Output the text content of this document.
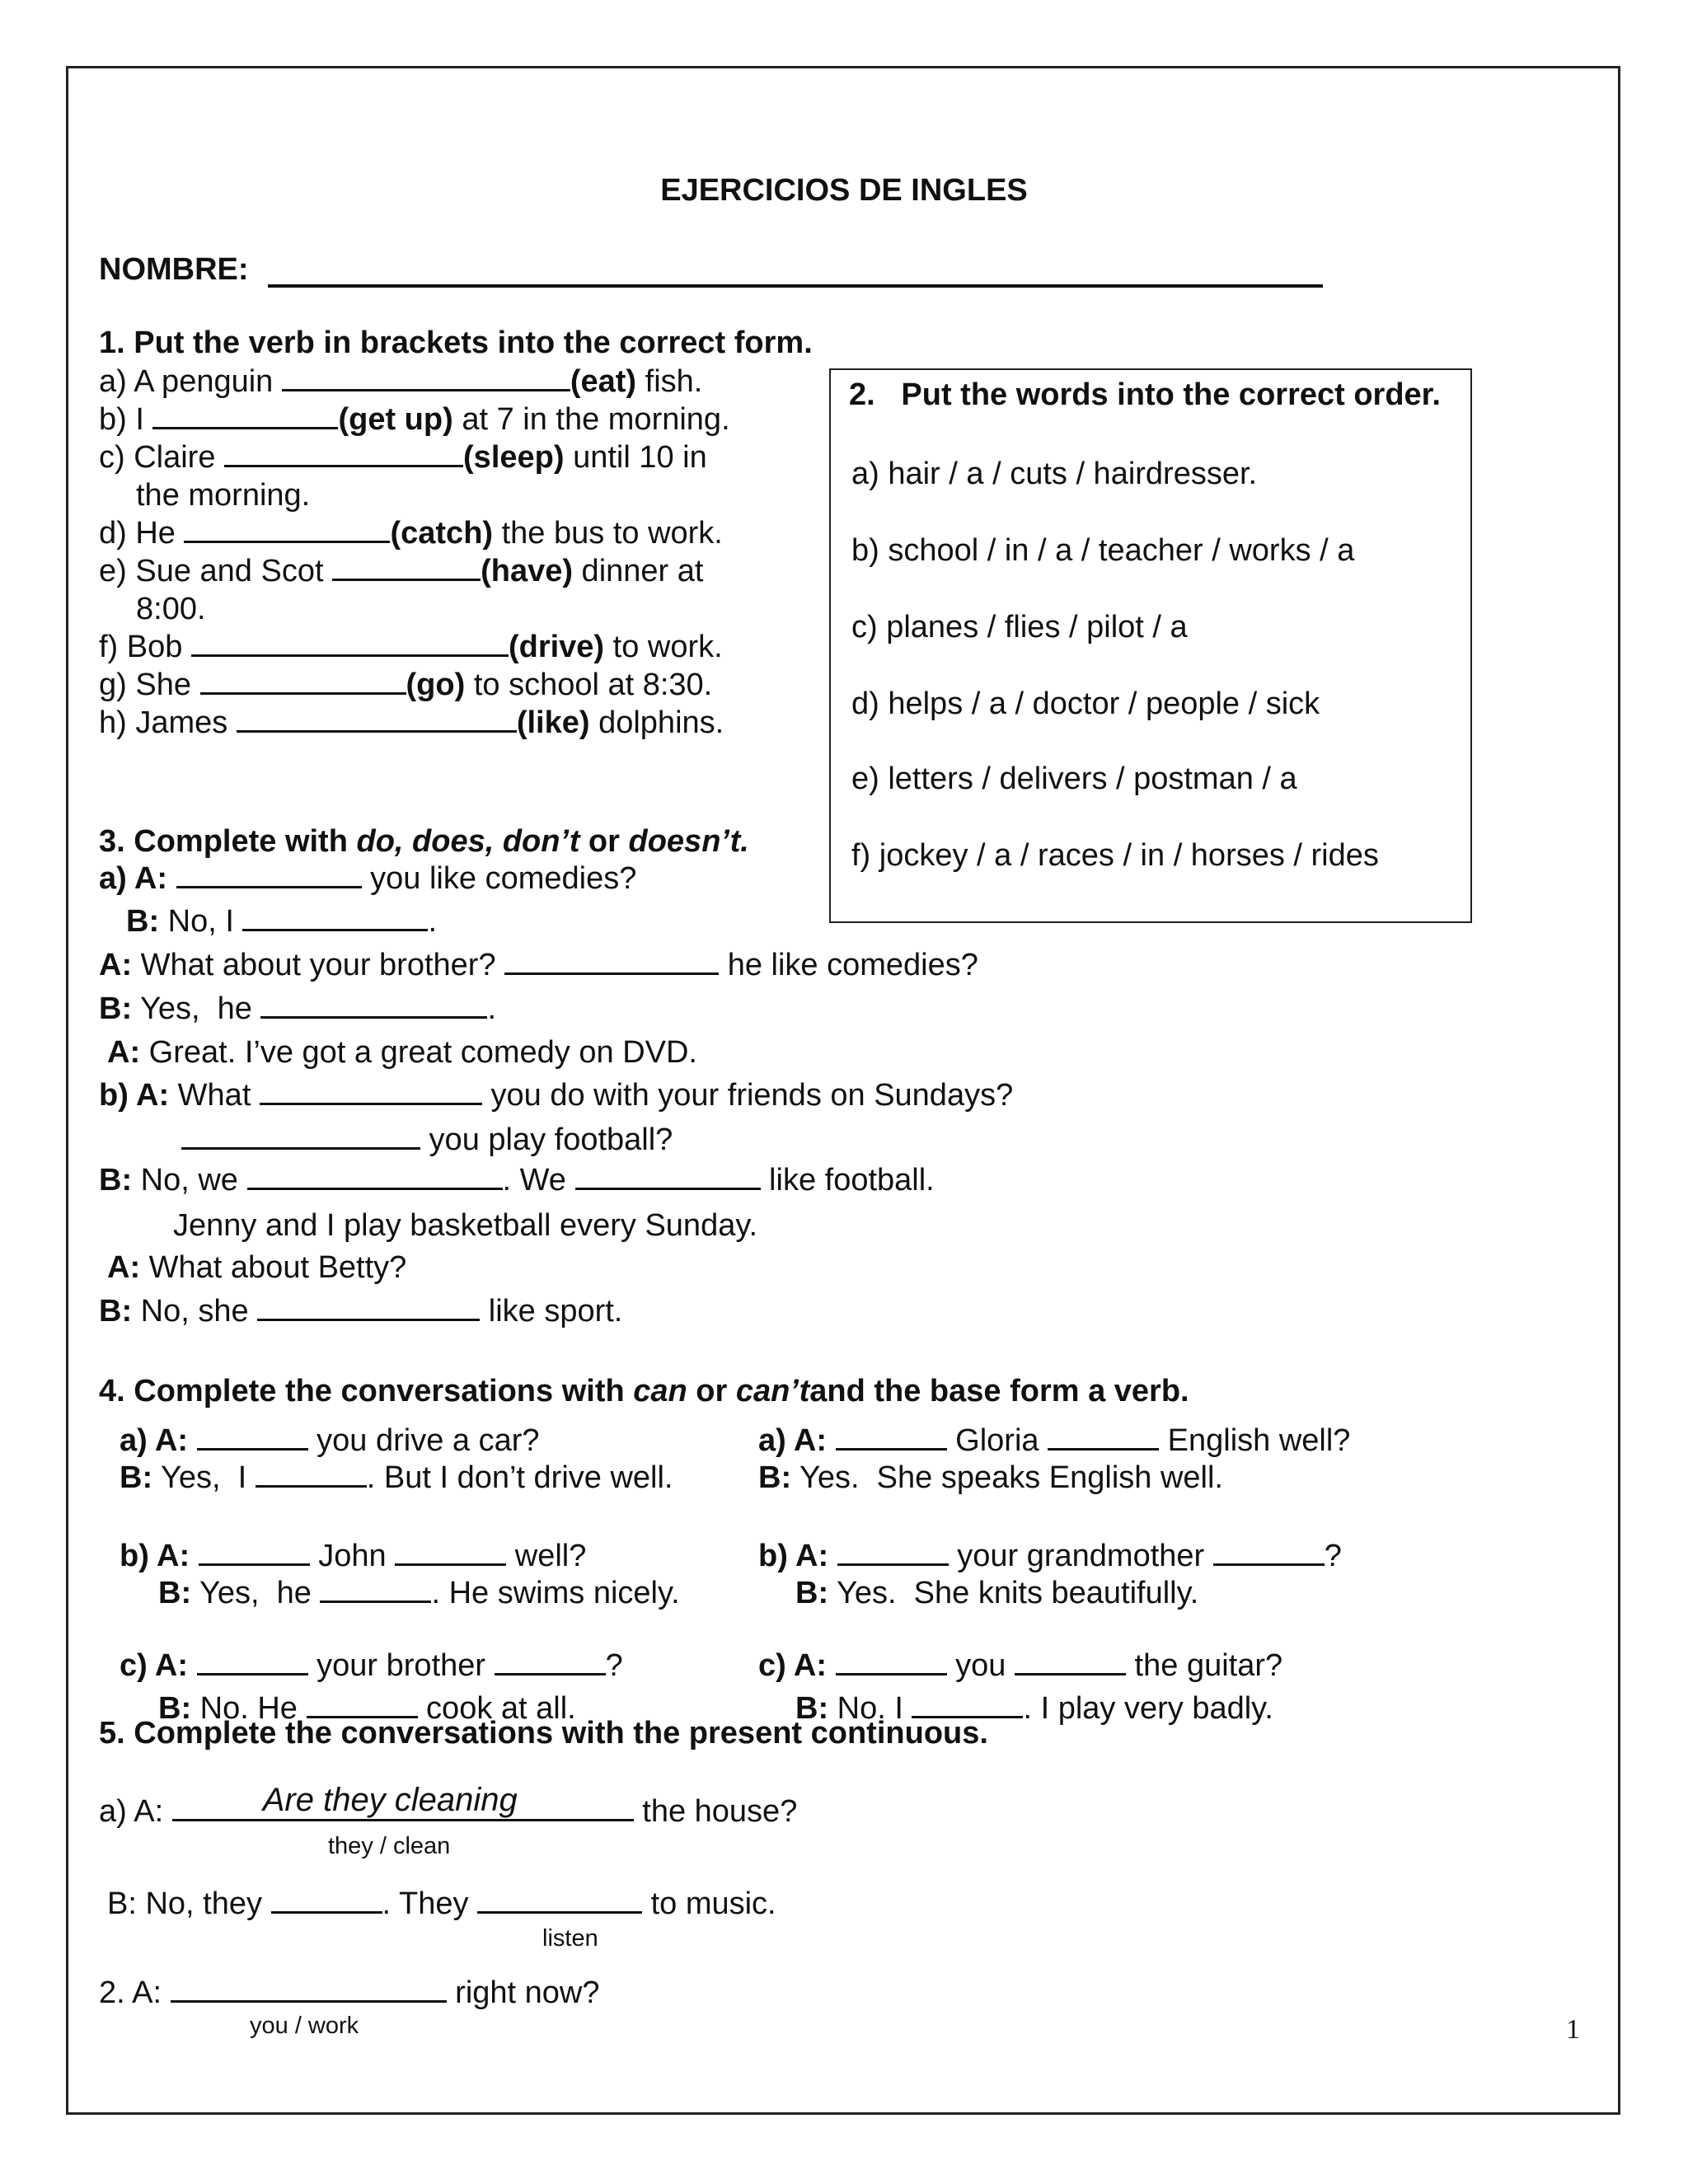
EJERCICIOS DE INGLES
NOMBRE:
1. Put the verb in brackets into the correct form.
a) A penguin	(eat) fish.
b) I	(get up) at 7 in the morning.
c) Claire	(sleep) until 10 in
the morning.
d) He	(catch) the bus to work.
e) Sue and Scot	(have) dinner at
8:00.
f) Bob	(drive) to work.
g) She	(go) to school at 8:30.
h) James	(like) dolphins.
2. Put the words into the correct order.
a) hair / a / cuts / hairdresser.
b) school / in / a / teacher / works / a
c) planes / flies / pilot / a
d) helps / a / doctor / people / sick
e) letters / delivers / postman / a
f) jockey / a / races / in / horses / rides
3. Complete with do, does, don’t or doesn’t.
a) A:	you like comedies?
B: No, I	.
A: What about your brother?	he like comedies?
B: Yes,  he	.
A: Great. I’ve got a great comedy on DVD.
b) A: What	you do with your friends on Sundays?
you play football?
B: No, we	. We	like football.
Jenny and I play basketball every Sunday.
A: What about Betty?
B: No, she	like sport.
4. Complete the conversations with can or can’tand the base form a verb.
a) A:	you drive a car?
B: Yes,  I	. But I don’t drive well.
b) A:	John	well?
B: Yes,  he	. He swims nicely.
c) A:	your brother	?
B: No. He	cook at all.
a) A:	Gloria	English well?
B: Yes.  She speaks English well.
b) A:	your grandmother	?
B: Yes.  She knits beautifully.
c) A:	you	the guitar?
B: No. I	. I play very badly.
5. Complete the conversations with the present continuous.
a) A:	Are they cleaning	the house?
they / clean
B: No, they	. They	to music.
listen
2. A:	right now?
you / work	1
